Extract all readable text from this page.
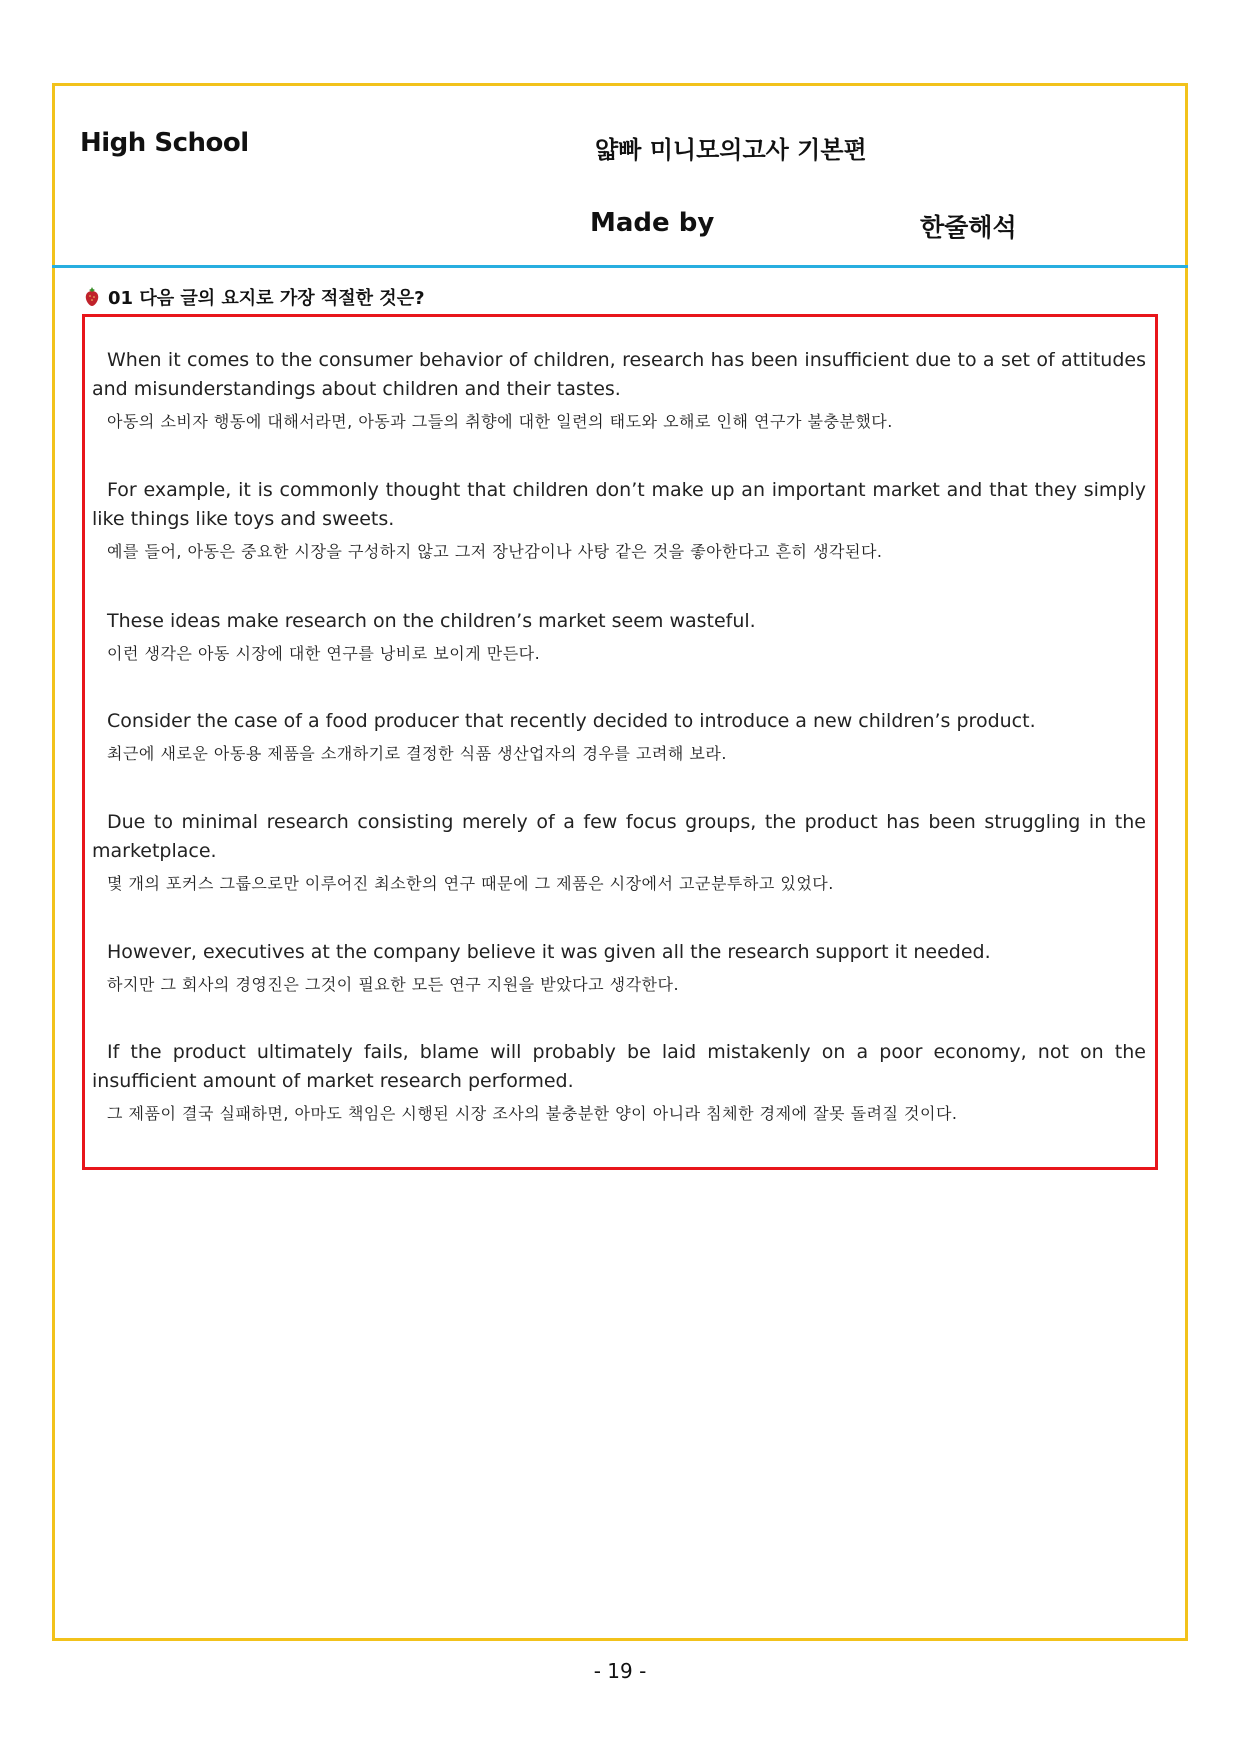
High School	얇빠 미니모의고사 기본편
Made by	한줄해석
01 다음 글의 요지로 가장 적절한 것은?

When it comes to the consumer behavior of children, research has been insufficient due to a set of attitudes and misunderstandings about children and their tastes.

아동의 소비자 행동에 대해서라면, 아동과 그들의 취향에 대한 일련의 태도와 오해로 인해 연구가 불충분했다.

For example, it is commonly thought that children don’t make up an important market and that they simply like things like toys and sweets.

예를 들어, 아동은 중요한 시장을 구성하지 않고 그저 장난감이나 사탕 같은 것을 좋아한다고 흔히 생각된다.

These ideas make research on the children’s market seem wasteful.

이런 생각은 아동 시장에 대한 연구를 낭비로 보이게 만든다.

Consider the case of a food producer that recently decided to introduce a new children’s product.

최근에 새로운 아동용 제품을 소개하기로 결정한 식품 생산업자의 경우를 고려해 보라.

Due to minimal research consisting merely of a few focus groups, the product has been struggling in the marketplace.

몇 개의 포커스 그룹으로만 이루어진 최소한의 연구 때문에 그 제품은 시장에서 고군분투하고 있었다.

However, executives at the company believe it was given all the research support it needed.

하지만 그 회사의 경영진은 그것이 필요한 모든 연구 지원을 받았다고 생각한다.

If the product ultimately fails, blame will probably be laid mistakenly on a poor economy, not on the insufficient amount of market research performed.

그 제품이 결국 실패하면, 아마도 책임은 시행된 시장 조사의 불충분한 양이 아니라 침체한 경제에 잘못 돌려질 것이다.

- 19 -
